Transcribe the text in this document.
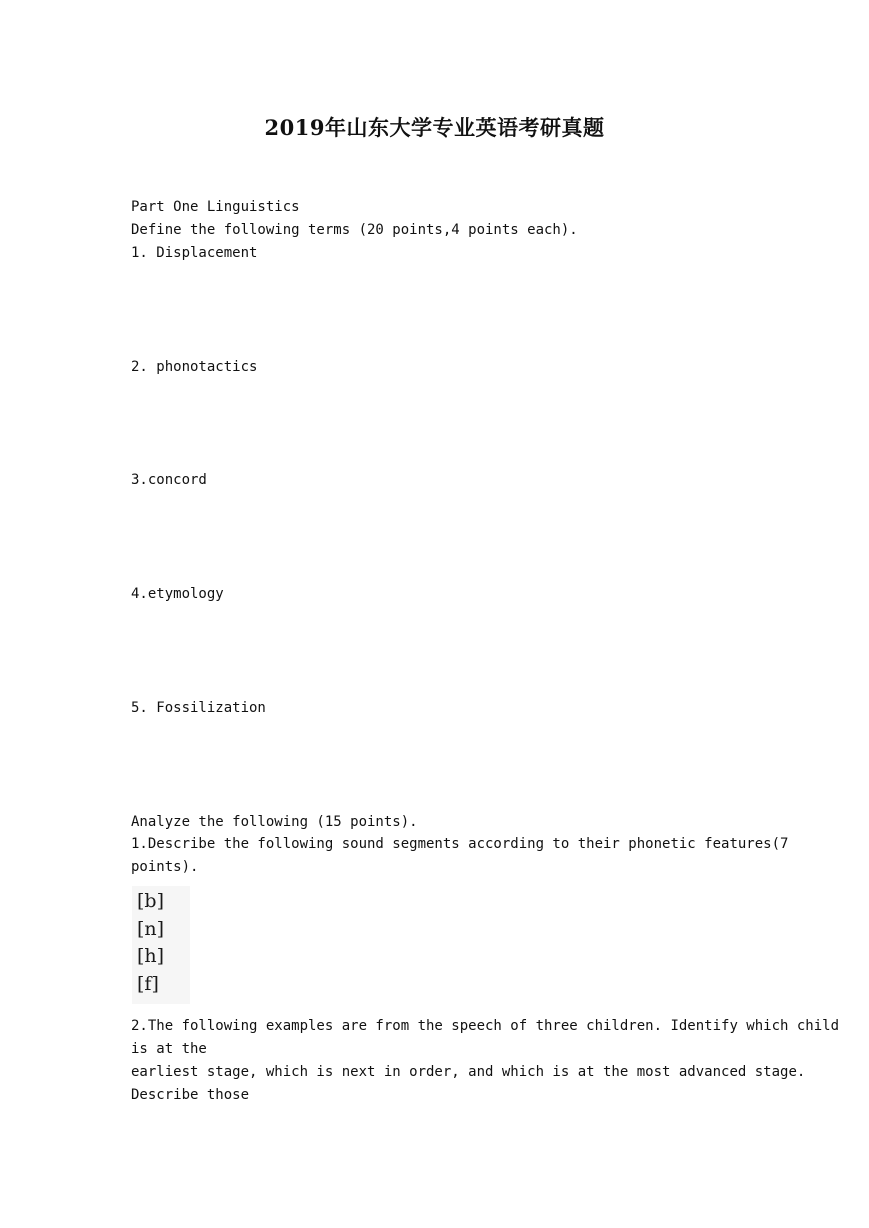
2019年山东大学专业英语考研真题
Part One Linguistics
Define the following terms (20 points,4 points each).
1. Displacement
2. phonotactics
3.concord
4.etymology
5. Fossilization
Analyze the following (15 points).
1.Describe the following sound segments according to their phonetic features(7
points).
[b]
[n]
[h]
[f]
2.The following examples are from the speech of three children. Identify which child
is at the
earliest stage, which is next in order, and which is at the most advanced stage.
Describe those
